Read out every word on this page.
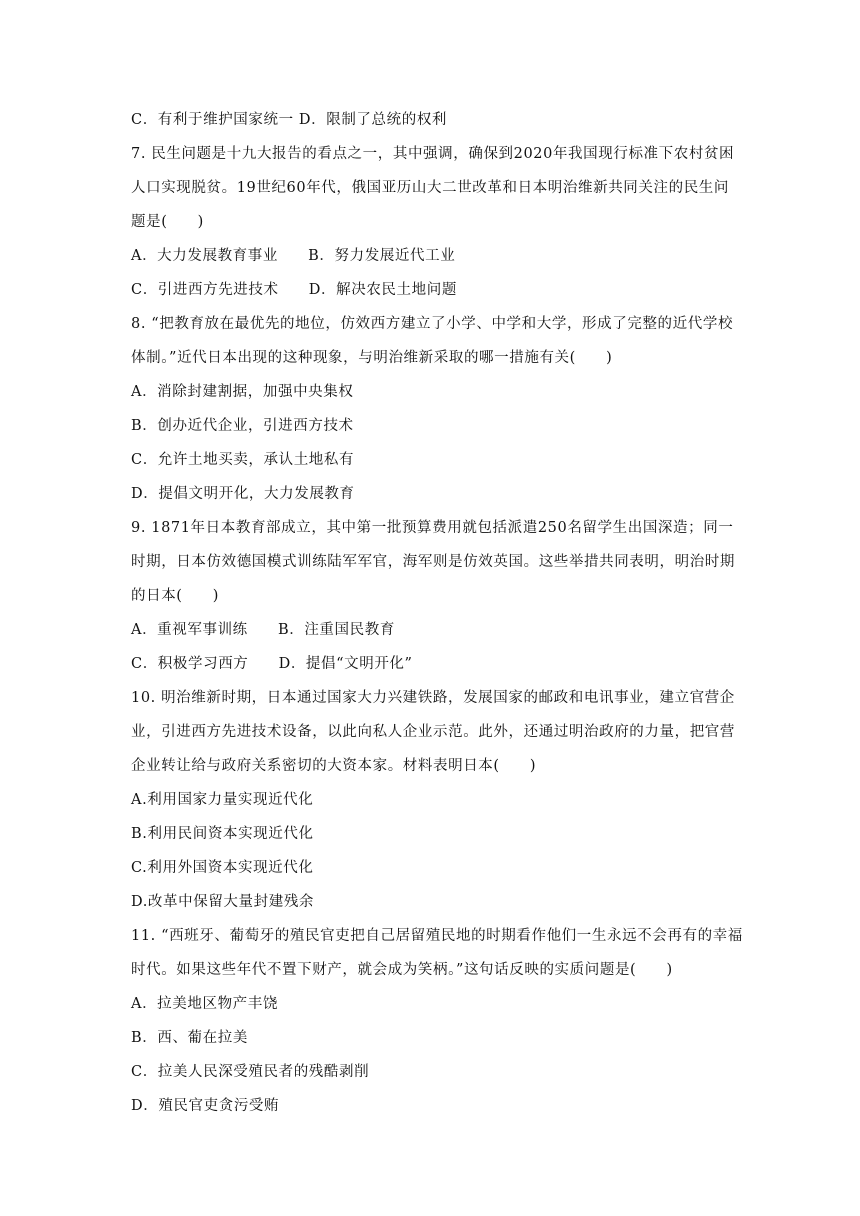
C．有利于维护国家统一 D．限制了总统的权利
7. 民生问题是十九大报告的看点之一，其中强调，确保到2020年我国现行标准下农村贫困
人口实现脱贫。19世纪60年代，俄国亚历山大二世改革和日本明治维新共同关注的民生问
题是(　　)
A．大力发展教育事业　　B．努力发展近代工业
C．引进西方先进技术　　D．解决农民土地问题
8. “把教育放在最优先的地位，仿效西方建立了小学、中学和大学，形成了完整的近代学校
体制。”近代日本出现的这种现象，与明治维新采取的哪一措施有关(　　)
A．消除封建割据，加强中央集权
B．创办近代企业，引进西方技术
C．允许土地买卖，承认土地私有
D．提倡文明开化，大力发展教育
9. 1871年日本教育部成立，其中第一批预算费用就包括派遣250名留学生出国深造；同一
时期，日本仿效德国模式训练陆军军官，海军则是仿效英国。这些举措共同表明，明治时期
的日本(　　)
A．重视军事训练　　B．注重国民教育
C．积极学习西方　　D．提倡“文明开化”
10. 明治维新时期，日本通过国家大力兴建铁路，发展国家的邮政和电讯事业，建立官营企
业，引进西方先进技术设备，以此向私人企业示范。此外，还通过明治政府的力量，把官营
企业转让给与政府关系密切的大资本家。材料表明日本(　　)
A.利用国家力量实现近代化
B.利用民间资本实现近代化
C.利用外国资本实现近代化
D.改革中保留大量封建残余
11. “西班牙、葡萄牙的殖民官吏把自己居留殖民地的时期看作他们一生永远不会再有的幸福
时代。如果这些年代不置下财产，就会成为笑柄。”这句话反映的实质问题是(　　)
A．拉美地区物产丰饶
B．西、葡在拉美
C．拉美人民深受殖民者的残酷剥削
D．殖民官吏贪污受贿
